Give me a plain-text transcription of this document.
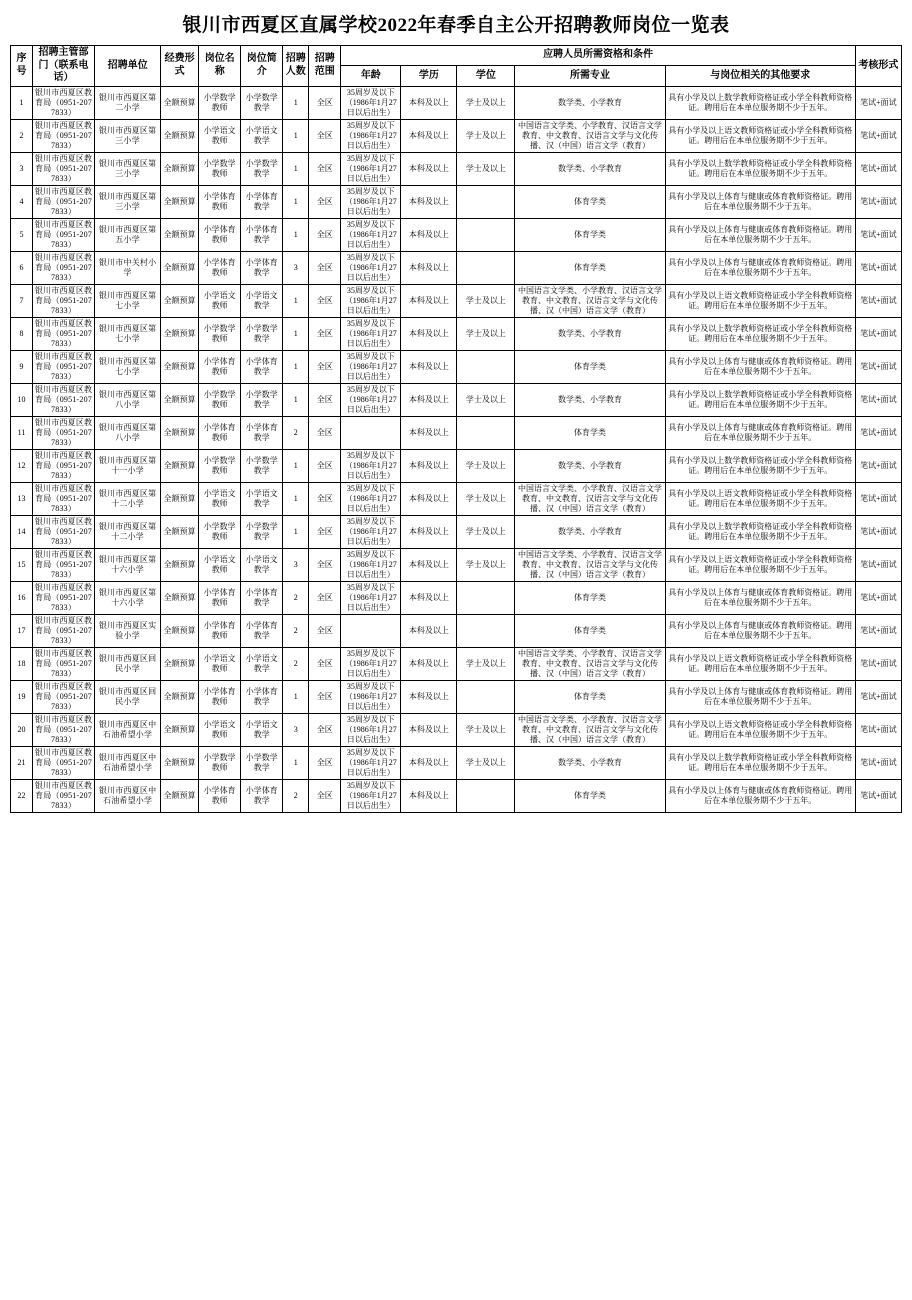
银川市西夏区直属学校2022年春季自主公开招聘教师岗位一览表
序号	招聘主管部门（联系电话）	招聘单位	经费形式	岗位名称	岗位简介	招聘人数	招聘范围	应聘人员所需资格和条件					考核形式
								年龄	学历	学位	所需专业	与岗位相关的其他要求	
1	银川市西夏区教育局（0951-2077833）	银川市西夏区第二小学	全额预算	小学数学教师	小学数学教学	1	全区	35周岁及以下（1986年1月27日以后出生）	本科及以上	学士及以上	数学类、小学教育	具有小学及以上数学教师资格证或小学全科教师资格证。聘用后在本单位服务期不少于五年。	笔试+面试
2	银川市西夏区教育局（0951-2077833）	银川市西夏区第三小学	全额预算	小学语文教师	小学语文教学	1	全区	35周岁及以下（1986年1月27日以后出生）	本科及以上	学士及以上	中国语言文学类、小学教育、汉语言文学教育、中文教育、汉语言文学与文化传播、汉（中国）语言文学（教育）	具有小学及以上语文教师资格证或小学全科教师资格证。聘用后在本单位服务期不少于五年。	笔试+面试
3	银川市西夏区教育局（0951-2077833）	银川市西夏区第三小学	全额预算	小学数学教师	小学数学教学	1	全区	35周岁及以下（1986年1月27日以后出生）	本科及以上	学士及以上	数学类、小学教育	具有小学及以上数学教师资格证或小学全科教师资格证。聘用后在本单位服务期不少于五年。	笔试+面试
4	银川市西夏区教育局（0951-2077833）	银川市西夏区第三小学	全额预算	小学体育教师	小学体育教学	1	全区	35周岁及以下（1986年1月27日以后出生）	本科及以上		体育学类	具有小学及以上体育与健康或体育教师资格证。聘用后在本单位服务期不少于五年。	笔试+面试
5	银川市西夏区教育局（0951-2077833）	银川市西夏区第五小学	全额预算	小学体育教师	小学体育教学	1	全区	35周岁及以下（1986年1月27日以后出生）	本科及以上		体育学类	具有小学及以上体育与健康或体育教师资格证。聘用后在本单位服务期不少于五年。	笔试+面试
6	银川市西夏区教育局（0951-2077833）	银川市中关村小学	全额预算	小学体育教师	小学体育教学	3	全区	35周岁及以下（1986年1月27日以后出生）	本科及以上		体育学类	具有小学及以上体育与健康或体育教师资格证。聘用后在本单位服务期不少于五年。	笔试+面试
7	银川市西夏区教育局（0951-2077833）	银川市西夏区第七小学	全额预算	小学语文教师	小学语文教学	1	全区	35周岁及以下（1986年1月27日以后出生）	本科及以上	学士及以上	中国语言文学类、小学教育、汉语言文学教育、中文教育、汉语言文学与文化传播、汉（中国）语言文学（教育）	具有小学及以上语文教师资格证或小学全科教师资格证。聘用后在本单位服务期不少于五年。	笔试+面试
8	银川市西夏区教育局（0951-2077833）	银川市西夏区第七小学	全额预算	小学数学教师	小学数学教学	1	全区	35周岁及以下（1986年1月27日以后出生）	本科及以上	学士及以上	数学类、小学教育	具有小学及以上数学教师资格证或小学全科教师资格证。聘用后在本单位服务期不少于五年。	笔试+面试
9	银川市西夏区教育局（0951-2077833）	银川市西夏区第七小学	全额预算	小学体育教师	小学体育教学	1	全区	35周岁及以下（1986年1月27日以后出生）	本科及以上		体育学类	具有小学及以上体育与健康或体育教师资格证。聘用后在本单位服务期不少于五年。	笔试+面试
10	银川市西夏区教育局（0951-2077833）	银川市西夏区第八小学	全额预算	小学数学教师	小学数学教学	1	全区	35周岁及以下（1986年1月27日以后出生）	本科及以上	学士及以上	数学类、小学教育	具有小学及以上数学教师资格证或小学全科教师资格证。聘用后在本单位服务期不少于五年。	笔试+面试
11	银川市西夏区教育局（0951-2077833）	银川市西夏区第八小学	全额预算	小学体育教师	小学体育教学	2	全区		本科及以上		体育学类	具有小学及以上体育与健康或体育教师资格证。聘用后在本单位服务期不少于五年。	笔试+面试
12	银川市西夏区教育局（0951-2077833）	银川市西夏区第十一小学	全额预算	小学数学教师	小学数学教学	1	全区	35周岁及以下（1986年1月27日以后出生）	本科及以上	学士及以上	数学类、小学教育	具有小学及以上数学教师资格证或小学全科教师资格证。聘用后在本单位服务期不少于五年。	笔试+面试
13	银川市西夏区教育局（0951-2077833）	银川市西夏区第十二小学	全额预算	小学语文教师	小学语文教学	1	全区	35周岁及以下（1986年1月27日以后出生）	本科及以上	学士及以上	中国语言文学类、小学教育、汉语言文学教育、中文教育、汉语言文学与文化传播、汉（中国）语言文学（教育）	具有小学及以上语文教师资格证或小学全科教师资格证。聘用后在本单位服务期不少于五年。	笔试+面试
14	银川市西夏区教育局（0951-2077833）	银川市西夏区第十二小学	全额预算	小学数学教师	小学数学教学	1	全区	35周岁及以下（1986年1月27日以后出生）	本科及以上	学士及以上	数学类、小学教育	具有小学及以上数学教师资格证或小学全科教师资格证。聘用后在本单位服务期不少于五年。	笔试+面试
15	银川市西夏区教育局（0951-2077833）	银川市西夏区第十六小学	全额预算	小学语文教师	小学语文教学	3	全区	35周岁及以下（1986年1月27日以后出生）	本科及以上	学士及以上	中国语言文学类、小学教育、汉语言文学教育、中文教育、汉语言文学与文化传播、汉（中国）语言文学（教育）	具有小学及以上语文教师资格证或小学全科教师资格证。聘用后在本单位服务期不少于五年。	笔试+面试
16	银川市西夏区教育局（0951-2077833）	银川市西夏区第十六小学	全额预算	小学体育教师	小学体育教学	2	全区	35周岁及以下（1986年1月27日以后出生）	本科及以上		体育学类	具有小学及以上体育与健康或体育教师资格证。聘用后在本单位服务期不少于五年。	笔试+面试
17	银川市西夏区教育局（0951-2077833）	银川市西夏区实验小学	全额预算	小学体育教师	小学体育教学	2	全区		本科及以上		体育学类	具有小学及以上体育与健康或体育教师资格证。聘用后在本单位服务期不少于五年。	笔试+面试
18	银川市西夏区教育局（0951-2077833）	银川市西夏区回民小学	全额预算	小学语文教师	小学语文教学	2	全区	35周岁及以下（1986年1月27日以后出生）	本科及以上	学士及以上	中国语言文学类、小学教育、汉语言文学教育、中文教育、汉语言文学与文化传播、汉（中国）语言文学（教育）	具有小学及以上语文教师资格证或小学全科教师资格证。聘用后在本单位服务期不少于五年。	笔试+面试
19	银川市西夏区教育局（0951-2077833）	银川市西夏区回民小学	全额预算	小学体育教师	小学体育教学	1	全区	35周岁及以下（1986年1月27日以后出生）	本科及以上		体育学类	具有小学及以上体育与健康或体育教师资格证。聘用后在本单位服务期不少于五年。	笔试+面试
20	银川市西夏区教育局（0951-2077833）	银川市西夏区中石油希望小学	全额预算	小学语文教师	小学语文教学	3	全区	35周岁及以下（1986年1月27日以后出生）	本科及以上	学士及以上	中国语言文学类、小学教育、汉语言文学教育、中文教育、汉语言文学与文化传播、汉（中国）语言文学（教育）	具有小学及以上语文教师资格证或小学全科教师资格证。聘用后在本单位服务期不少于五年。	笔试+面试
21	银川市西夏区教育局（0951-2077833）	银川市西夏区中石油希望小学	全额预算	小学数学教师	小学数学教学	1	全区	35周岁及以下（1986年1月27日以后出生）	本科及以上	学士及以上	数学类、小学教育	具有小学及以上数学教师资格证或小学全科教师资格证。聘用后在本单位服务期不少于五年。	笔试+面试
22	银川市西夏区教育局（0951-2077833）	银川市西夏区中石油希望小学	全额预算	小学体育教师	小学体育教学	2	全区	35周岁及以下（1986年1月27日以后出生）	本科及以上		体育学类	具有小学及以上体育与健康或体育教师资格证。聘用后在本单位服务期不少于五年。	笔试+面试
